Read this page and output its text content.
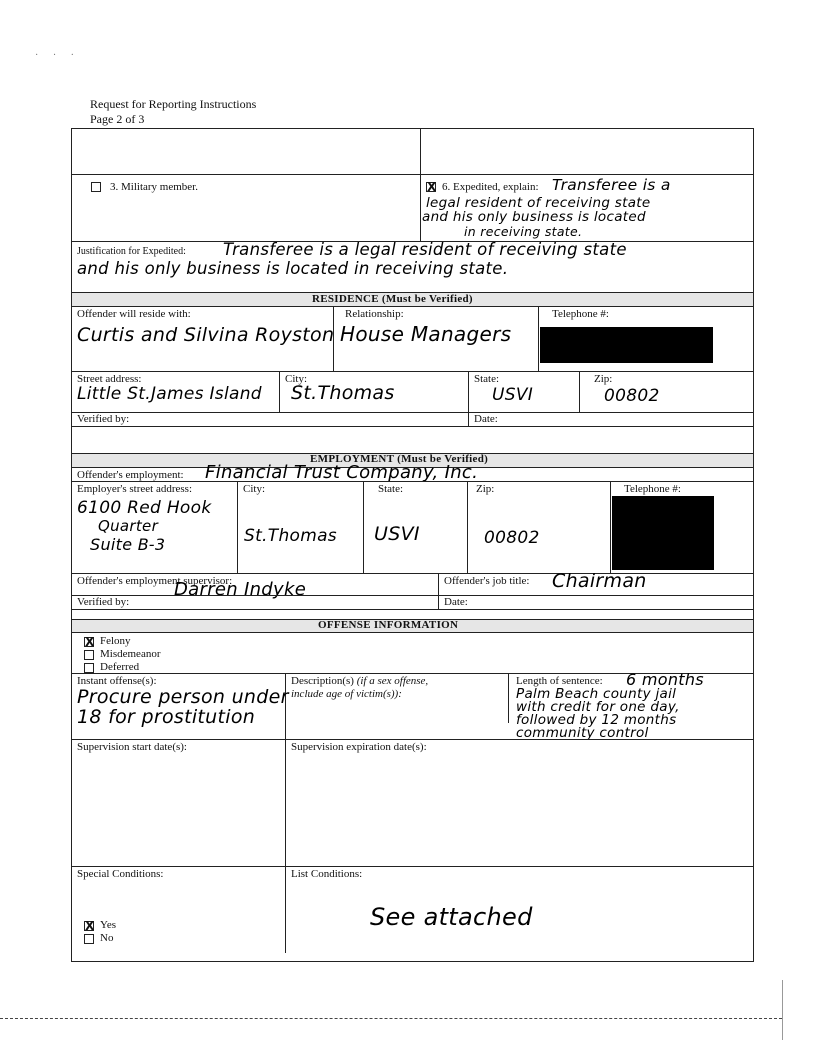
· · ·
Request for Reporting Instructions
Page 2 of 3
3. Military member.	X 6. Expedited, explain: Transferee is a
legal resident of receiving state
and his only business is located
in receiving state.
Justification for Expedited: Transferee is a legal resident of receiving state
and his only business is located in receiving state.
RESIDENCE (Must be Verified)
Offender will reside with:
Curtis and Silvina Royston
Relationship:
House Managers
Telephone #:
Street address:
Little St.James Island
City:
St.Thomas
State:
USVI
Zip:
00802
Verified by:	Date:
EMPLOYMENT (Must be Verified)
Offender's employment: Financial Trust Company, Inc.
Employer's street address:
6100 Red Hook
Quarter
Suite B-3
City:
St.Thomas
State:
USVI
Zip:
00802
Telephone #:
Offender's employment supervisor:
Darren Indyke	Offender's job title: Chairman
Verified by:	Date:
OFFENSE INFORMATION
X Felony
Misdemeanor
Deferred
Instant offense(s):
Procure person under
18 for prostitution
Description(s) (if a sex offense,
include age of victim(s)):
Length of sentence: 6 months
Palm Beach county jail
with credit for one day,
followed by 12 months
community control
Supervision start date(s):	Supervision expiration date(s):
Special Conditions:
X Yes
No
List Conditions:
See attached
